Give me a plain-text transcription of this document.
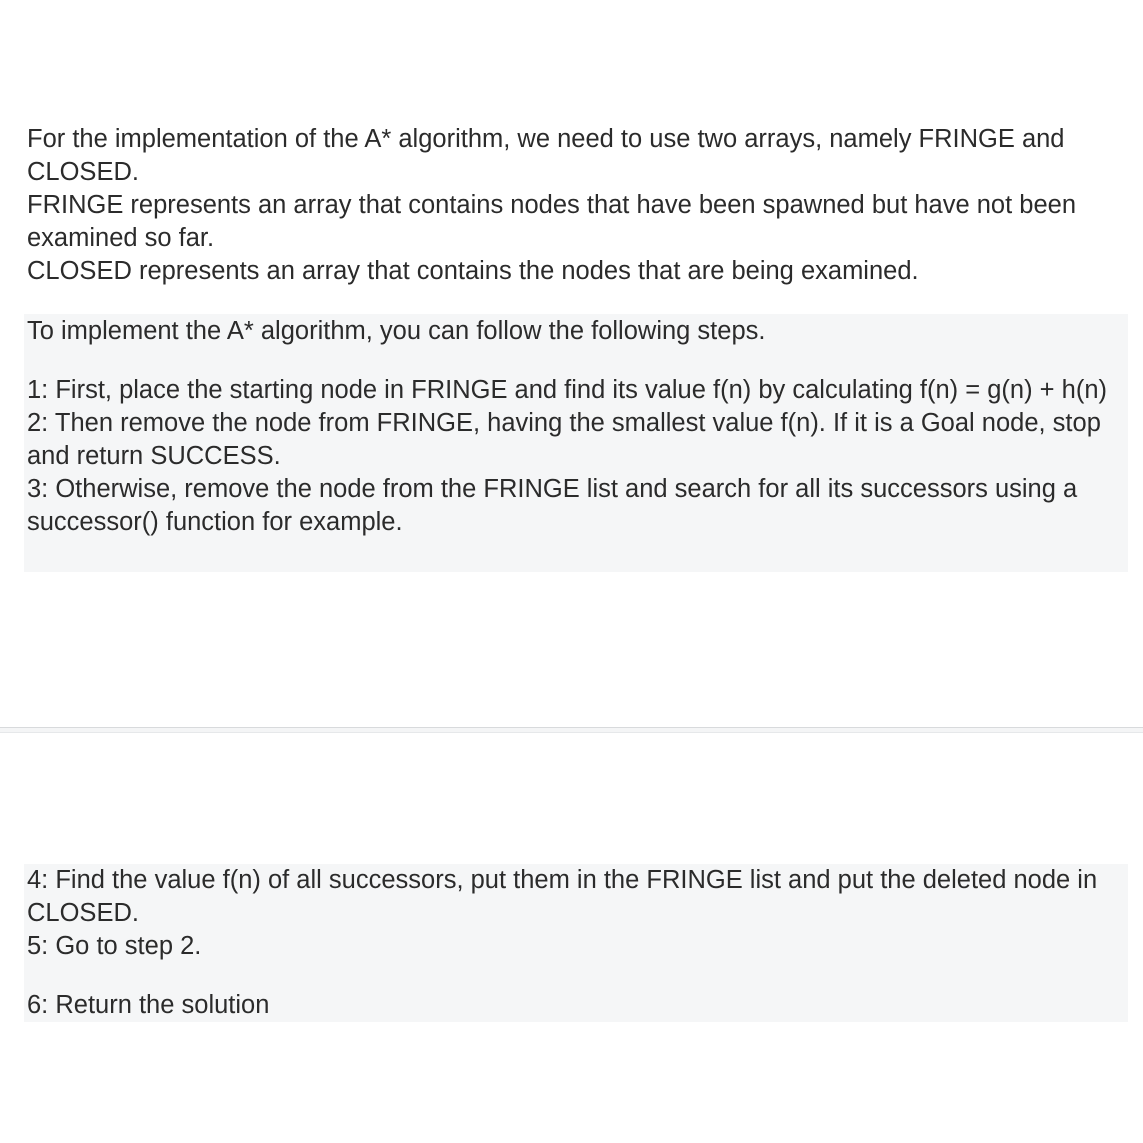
For the implementation of the A* algorithm, we need to use two arrays, namely FRINGE and CLOSED.

FRINGE represents an array that contains nodes that have been spawned but have not been examined so far.

CLOSED represents an array that contains the nodes that are being examined.

To implement the A* algorithm, you can follow the following steps.

1: First, place the starting node in FRINGE and find its value f(n) by calculating f(n) = g(n) + h(n)

2: Then remove the node from FRINGE, having the smallest value f(n). If it is a Goal node, stop and return SUCCESS.

3: Otherwise, remove the node from the FRINGE list and search for all its successors using a successor() function for example.

4: Find the value f(n) of all successors, put them in the FRINGE list and put the deleted node in CLOSED.

5: Go to step 2.

6: Return the solution
